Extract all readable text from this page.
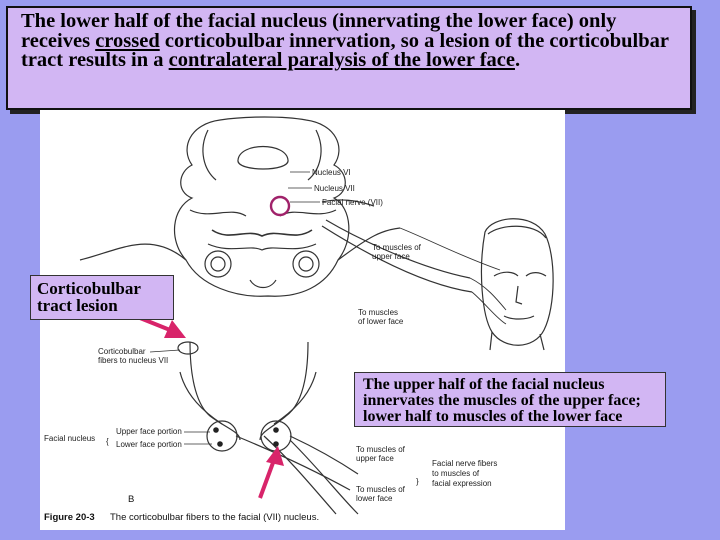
The lower half of the facial nucleus (innervating the lower face) only receives crossed corticobulbar innervation, so a lesion of the corticobulbar tract results in a contralateral paralysis of the lower face.
Nucleus VI
Nucleus VII
Facial nerve (VII)
To muscles of
upper face
To muscles
of lower face
Corticobulbar
fibers to nucleus VII
Upper face portion
Lower face portion
Facial nucleus {
To muscles of
upper face
To muscles of
lower face
}
Facial nerve fibers
to muscles of
facial expression
B
Figure 20-3 The corticobulbar fibers to the facial (VII) nucleus.
Corticobulbar tract lesion
The upper half of the facial nucleus innervates the muscles of the upper face; lower half to muscles of the lower face
